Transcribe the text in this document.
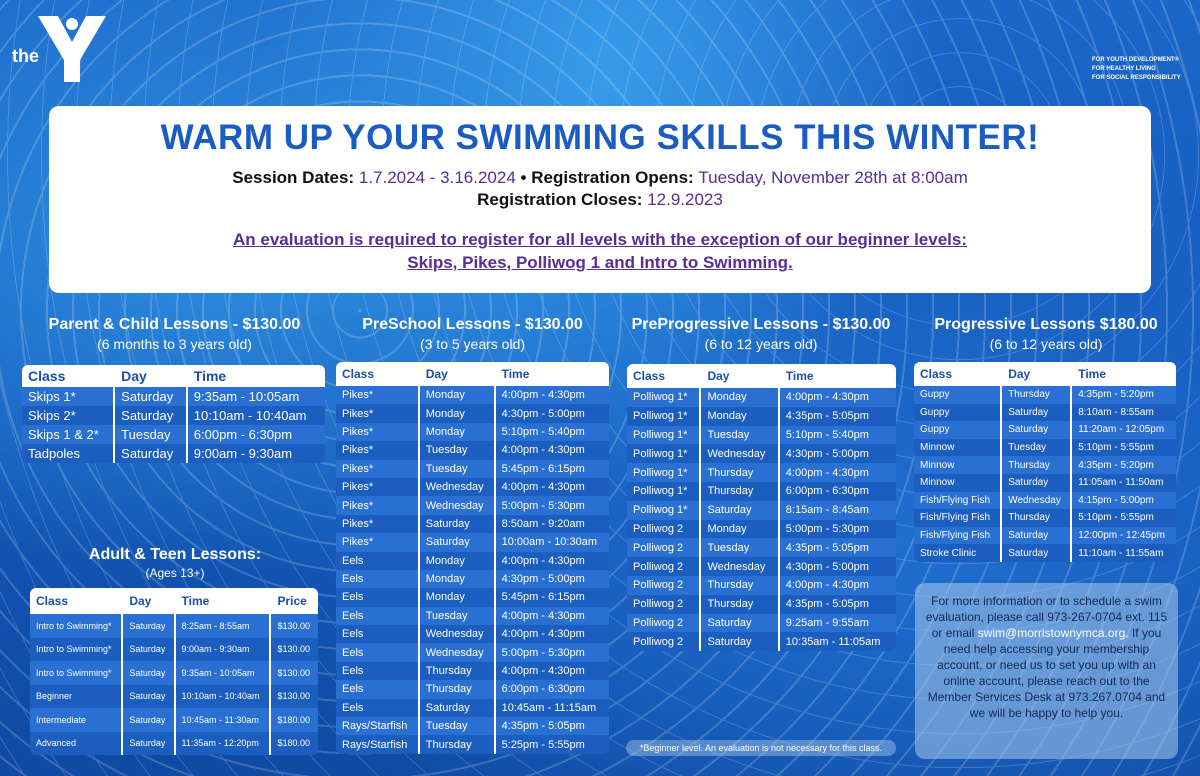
the	YMCA	FOR YOUTH DEVELOPMENT®
FOR HEALTHY LIVING
FOR SOCIAL RESPONSIBILITY
WARM UP YOUR SWIMMING SKILLS THIS WINTER!
Session Dates: 1.7.2024 - 3.16.2024 • Registration Opens: Tuesday, November 28th at 8:00am
Registration Closes: 12.9.2023
An evaluation is required to register for all levels with the exception of our beginner levels:
Skips, Pikes, Polliwog 1 and Intro to Swimming.
Parent & Child Lessons - $130.00
(6 months to 3 years old)
PreSchool Lessons - $130.00
(3 to 5 years old)
PreProgressive Lessons - $130.00
(6 to 12 years old)
Progressive Lessons $180.00
(6 to 12 years old)
Adult & Teen Lessons:
(Ages 13+)
Class	Day	Time
Skips 1*	Saturday	9:35am - 10:05am
Skips 2*	Saturday	10:10am - 10:40am
Skips 1 & 2*	Tuesday	6:00pm - 6:30pm
Tadpoles	Saturday	9:00am - 9:30am
Class	Day	Time	Price
Intro to Swimming*	Saturday	8:25am - 8:55am	$130.00
Intro to Swimming*	Saturday	9:00am - 9:30am	$130.00
Intro to Swimming*	Saturday	9:35am - 10:05am	$130.00
Beginner	Saturday	10:10am - 10:40am	$130.00
Intermediate	Saturday	10:45am - 11:30am	$180.00
Advanced	Saturday	11:35am - 12:20pm	$180.00
Class	Day	Time
Pikes*	Monday	4:00pm - 4:30pm
Pikes*	Monday	4:30pm - 5:00pm
Pikes*	Monday	5:10pm - 5:40pm
Pikes*	Tuesday	4:00pm - 4:30pm
Pikes*	Tuesday	5:45pm - 6:15pm
Pikes*	Wednesday	4:00pm - 4:30pm
Pikes*	Wednesday	5:00pm - 5:30pm
Pikes*	Saturday	8:50am - 9:20am
Pikes*	Saturday	10:00am - 10:30am
Eels	Monday	4:00pm - 4:30pm
Eels	Monday	4:30pm - 5:00pm
Eels	Monday	5:45pm - 6:15pm
Eels	Tuesday	4:00pm - 4:30pm
Eels	Wednesday	4:00pm - 4:30pm
Eels	Wednesday	5:00pm - 5:30pm
Eels	Thursday	4:00pm - 4:30pm
Eels	Thursday	6:00pm - 6:30pm
Eels	Saturday	10:45am - 11:15am
Rays/Starfish	Tuesday	4:35pm - 5:05pm
Rays/Starfish	Thursday	5:25pm - 5:55pm
Class	Day	Time
Polliwog 1*	Monday	4:00pm - 4:30pm
Polliwog 1*	Monday	4:35pm - 5:05pm
Polliwog 1*	Tuesday	5:10pm - 5:40pm
Polliwog 1*	Wednesday	4:30pm - 5:00pm
Polliwog 1*	Thursday	4:00pm - 4:30pm
Polliwog 1*	Thursday	6:00pm - 6:30pm
Polliwog 1*	Saturday	8:15am - 8:45am
Polliwog 2	Monday	5:00pm - 5:30pm
Polliwog 2	Tuesday	4:35pm - 5:05pm
Polliwog 2	Wednesday	4:30pm - 5:00pm
Polliwog 2	Thursday	4:00pm - 4:30pm
Polliwog 2	Thursday	4:35pm - 5:05pm
Polliwog 2	Saturday	9:25am - 9:55am
Polliwog 2	Saturday	10:35am - 11:05am
Class	Day	Time
Guppy	Thursday	4:35pm - 5:20pm
Guppy	Saturday	8:10am - 8:55am
Guppy	Saturday	11:20am - 12:05pm
Minnow	Tuesday	5:10pm - 5:55pm
Minnow	Thursday	4:35pm - 5:20pm
Minnow	Saturday	11:05am - 11:50am
Fish/Flying Fish	Wednesday	4:15pm - 5:00pm
Fish/Flying Fish	Thursday	5:10pm - 5:55pm
Fish/Flying Fish	Saturday	12:00pm - 12:45pm
Stroke Clinic	Saturday	11:10am - 11:55am
For more information or to schedule a swim evaluation, please call 973-267-0704 ext. 115 or email swim@morristownymca.org. If you need help accessing your membership account, or need us to set you up with an online account, please reach out to the Member Services Desk at 973.267.0704 and we will be happy to help you.
*Beginner level. An evaluation is not necessary for this class.
